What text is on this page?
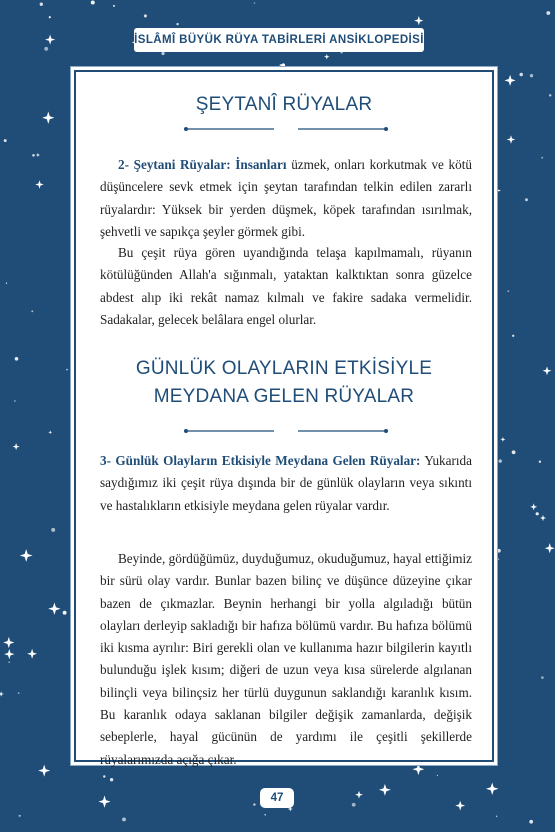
İSLÂMÎ BÜYÜK RÜYA TABİRLERİ ANSİKLOPEDİSİ
ŞEYTANÎ RÜYALAR

2- Şeytani Rüyalar: İnsanları üzmek, onları korkutmak ve kötü düşüncelere sevk etmek için şeytan tarafından telkin edilen zararlı rüyalardır: Yüksek bir yerden düşmek, köpek tarafından ısırılmak, şehvetli ve sapıkça şeyler görmek gibi.

Bu çeşit rüya gören uyandığında telaşa kapılmamalı, rüyanın kötülüğünden Allah'a sığınmalı, yataktan kalktıktan sonra güzelce abdest alıp iki rekât namaz kılmalı ve fakire sadaka vermelidir. Sadakalar, gelecek belâlara engel olurlar.

GÜNLÜK OLAYLARIN ETKİSİYLE
MEYDANA GELEN RÜYALAR

3- Günlük Olayların Etkisiyle Meydana Gelen Rüyalar: Yukarıda saydığımız iki çeşit rüya dışında bir de günlük olayların veya sıkıntı ve hastalıkların etkisiyle meydana gelen rüyalar vardır.

Beyinde, gördüğümüz, duyduğumuz, okuduğumuz, hayal ettiğimiz bir sürü olay vardır. Bunlar bazen bilinç ve düşünce düzeyine çıkar bazen de çıkmazlar. Beynin herhangi bir yolla algıladığı bütün olayları derleyip sakladığı bir hafıza bölümü vardır. Bu hafıza bölümü iki kısma ayrılır: Biri gerekli olan ve kullanıma hazır bilgilerin kayıtlı bulunduğu işlek kısım; diğeri de uzun veya kısa sürelerde algılanan bilinçli veya bilinçsiz her türlü duygunun saklandığı karanlık kısım. Bu karanlık odaya saklanan bilgiler değişik zamanlarda, değişik sebeplerle, hayal gücünün de yardımı ile çeşitli şekillerde rüyalarımızda açığa çıkar.

47
